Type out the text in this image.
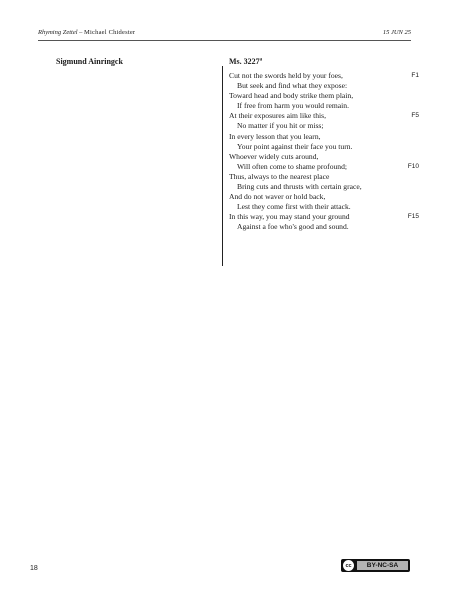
Rhyming Zettel – Michael Chidester	15 JUN 25
Sigmund Ainringck	Ms. 3227$^a$
Cut not the swords held by your foes,	F1
But seek and find what they expose:
Toward head and body strike them plain,
If free from harm you would remain.
At their exposures aim like this,	F5
No matter if you hit or miss;
In every lesson that you learn,
Your point against their face you turn.
Whoever widely cuts around,
Will often come to shame profound;	F10
Thus, always to the nearest place
Bring cuts and thrusts with certain grace,
And do not waver or hold back,
Lest they come first with their attack.
In this way, you may stand your ground	F15
Against a foe who's good and sound.
18	cc	BY-NC-SA
